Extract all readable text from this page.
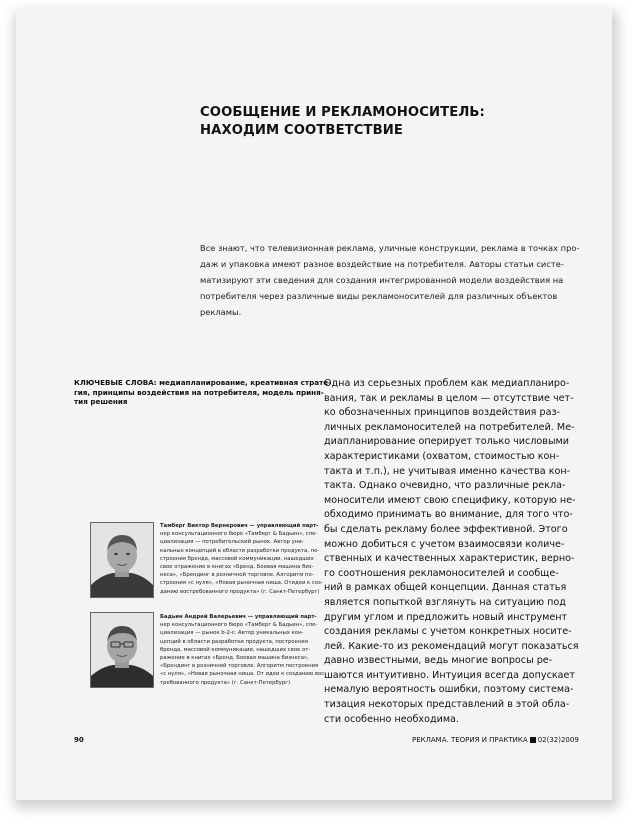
СООБЩЕНИЕ И РЕКЛАМОНОСИТЕЛЬ:
НАХОДИМ СООТВЕТСТВИЕ
Все знают, что телевизионная реклама, уличные конструкции, реклама в точках про-
даж и упаковка имеют разное воздействие на потребителя. Авторы статьи систе-
матизируют эти сведения для создания интегрированной модели воздействия на
потребителя через различные виды рекламоносителей для различных объектов
рекламы.
КЛЮЧЕВЫЕ СЛОВА: медиапланирование, креативная страте-
гия, принципы воздействия на потребителя, модель приня-
тия решения
Одна из серьезных проблем как медиаплaниро-
вания, так и рекламы в целом — отсутствие чет-
ко обозначенных принципов воздействия раз-
личных рекламоносителей на потребителей. Ме-
диапланирование оперирует только числовыми
характеристиками (охватом, стоимостью кон-
такта и т.п.), не учитывая именно качества кон-
такта. Однако очевидно, что различные рекла-
моносители имеют свою специфику, которую не-
обходимо принимать во внимание, для того что-
бы сделать рекламу более эффективной. Этого
можно добиться с учетом взаимосвязи количе-
ственных и качественных характеристик, верно-
го соотношения рекламоносителей и сообще-
ний в рамках общей концепции. Данная статья
является попыткой взглянуть на ситуацию под
другим углом и предложить новый инструмент
создания рекламы с учетом конкретных носите-
лей. Какие-то из рекомендаций могут показаться
давно известными, ведь многие вопросы ре-
шаются интуитивно. Интуиция всегда допускает
немалую вероятность ошибки, поэтому система-
тизация некоторых представлений в этой обла-
сти особенно необходима.
Тамберг Виктор Вернерович — управляющий парт-
нер консультационного бюро «Тамберг & Бадьин», спе-
циализация — потребительский рынок. Автор уни-
кальных концепций в области разработки продукта, по-
строения бренда, массовой коммуникации, нашедших
свое отражение в книгах «Бренд. Боевая машина биз-
неса», «Брендинг в розничной торговле. Алгоритм по-
строения «с нуля», «Новая рыночная ниша. Отидеи к соз-
данию востребованного продукта» (г. Санкт-Петербург)
Бадьин Андрей Валерьевич — управляющий парт-
нер консультационного бюро «Тамберг & Бадьин», спе-
циализация — рынок b-2-c. Автор уникальных кон-
цепций в области разработки продукта, построения
бренда, массовой коммуникации, нашедших свое от-
ражение в книгах «Бренд. Боевая машина бизнеса»,
«Брендинг в розничной торговле. Алгоритм построения
«с нуля», «Новая рыночная ниша. От идеи к созданию вос-
требованного продукта» (г. Санкт-Петербург)
90	РЕКЛАМА. ТЕОРИЯ И ПРАКТИКА 02(32)2009
